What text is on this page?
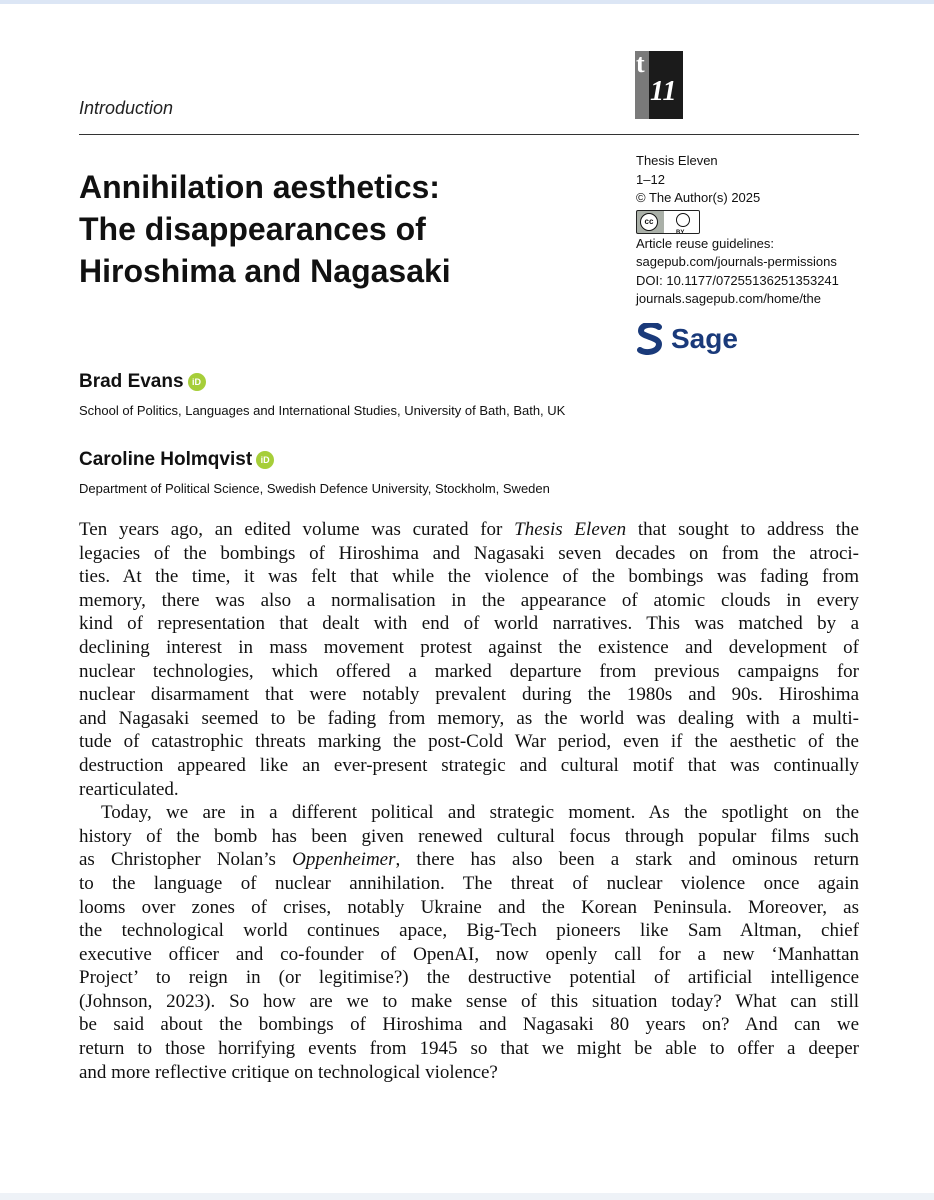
Introduction
t
11
Annihilation aesthetics:
The disappearances of
Hiroshima and Nagasaki
Thesis Eleven
1–12
© The Author(s) 2025
cc
BY
Article reuse guidelines:
sagepub.com/journals-permissions
DOI: 10.1177/07255136251353241
journals.sagepub.com/home/the
Sage
Brad Evans iD
School of Politics, Languages and International Studies, University of Bath, Bath, UK
Caroline Holmqvist iD
Department of Political Science, Swedish Defence University, Stockholm, Sweden
Ten years ago, an edited volume was curated for Thesis Eleven that sought to address the
legacies of the bombings of Hiroshima and Nagasaki seven decades on from the atroci-
ties. At the time, it was felt that while the violence of the bombings was fading from
memory, there was also a normalisation in the appearance of atomic clouds in every
kind of representation that dealt with end of world narratives. This was matched by a
declining interest in mass movement protest against the existence and development of
nuclear technologies, which offered a marked departure from previous campaigns for
nuclear disarmament that were notably prevalent during the 1980s and 90s. Hiroshima
and Nagasaki seemed to be fading from memory, as the world was dealing with a multi-
tude of catastrophic threats marking the post-Cold War period, even if the aesthetic of the
destruction appeared like an ever-present strategic and cultural motif that was continually
rearticulated.
Today, we are in a different political and strategic moment. As the spotlight on the
history of the bomb has been given renewed cultural focus through popular films such
as Christopher Nolan’s Oppenheimer, there has also been a stark and ominous return
to the language of nuclear annihilation. The threat of nuclear violence once again
looms over zones of crises, notably Ukraine and the Korean Peninsula. Moreover, as
the technological world continues apace, Big-Tech pioneers like Sam Altman, chief
executive officer and co-founder of OpenAI, now openly call for a new ‘Manhattan
Project’ to reign in (or legitimise?) the destructive potential of artificial intelligence
(Johnson, 2023). So how are we to make sense of this situation today? What can still
be said about the bombings of Hiroshima and Nagasaki 80 years on? And can we
return to those horrifying events from 1945 so that we might be able to offer a deeper
and more reflective critique on technological violence?
